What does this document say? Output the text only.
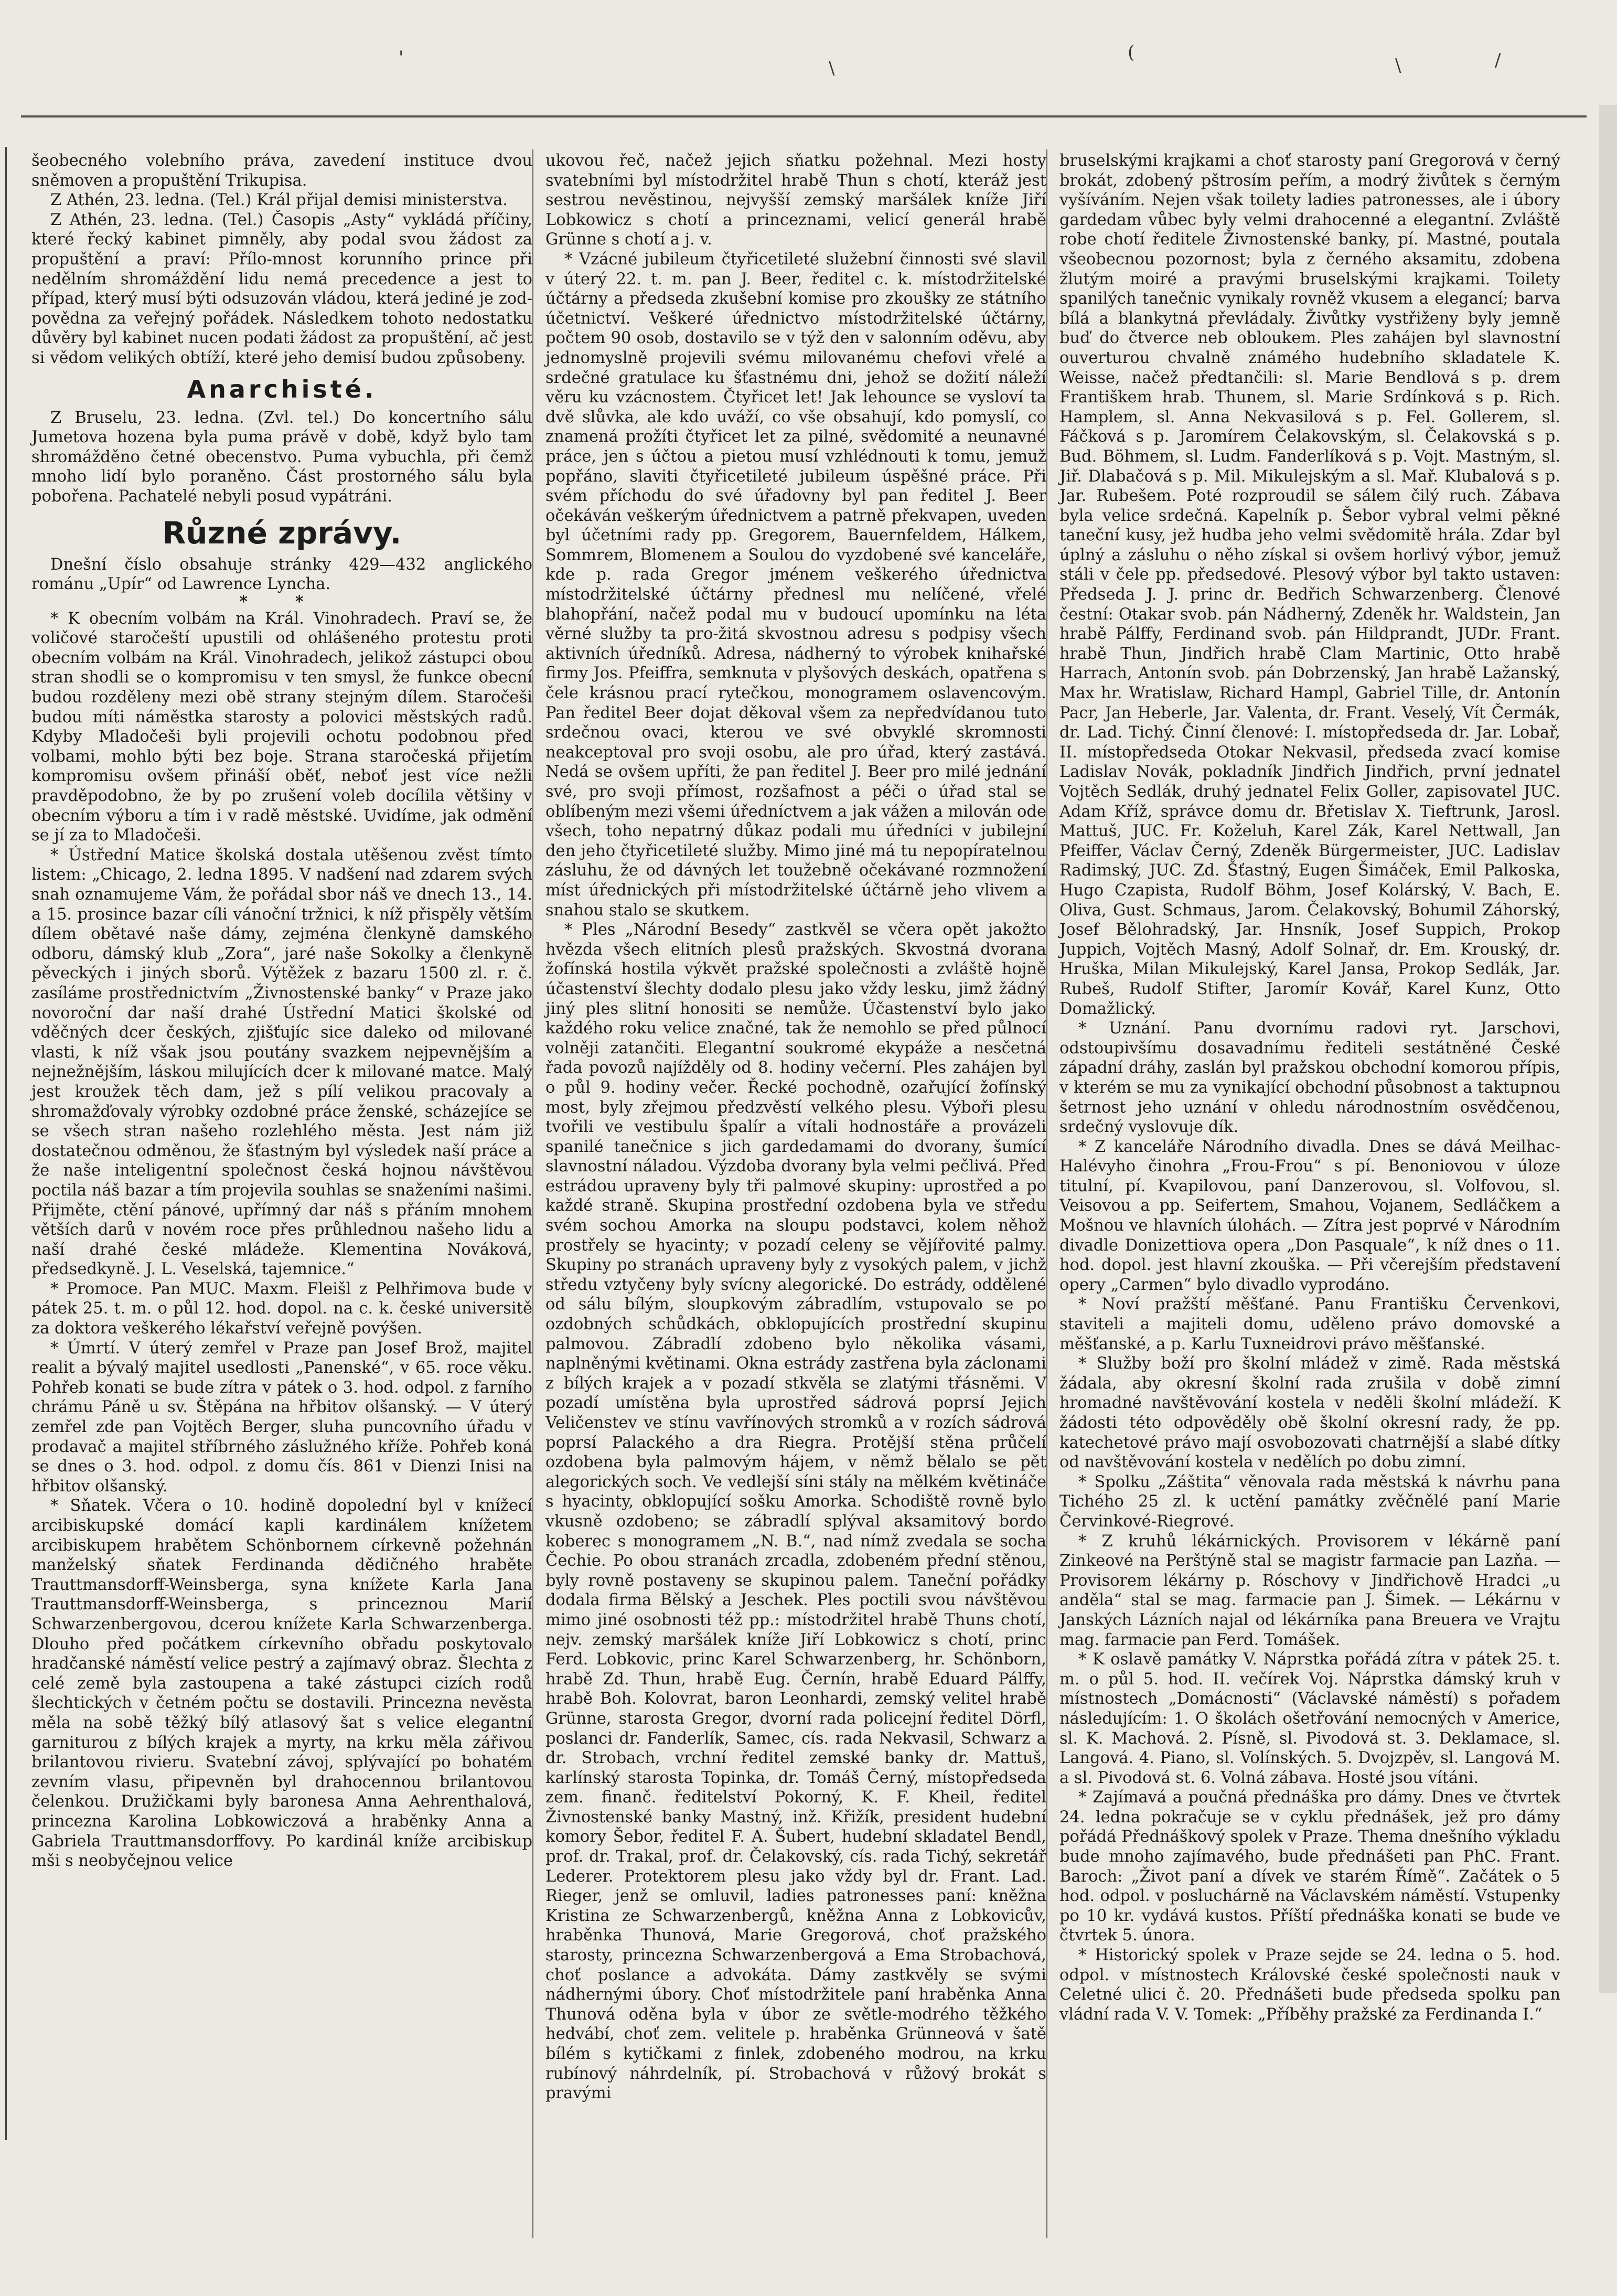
'	\
(
\	/

šeobecného volebního práva, zavedení instituce dvou sněmoven a propuštění Trikupisa.

Z Athén, 23. ledna. (Tel.) Král přijal demisi ministerstva.

Z Athén, 23. ledna. (Tel.) Časopis „Asty“ vykládá příčiny, které řecký kabinet pimněly, aby podal svou žádost za propuštění a praví: Přílo-mnost korunního prince při nedělním shromáždění lidu nemá precedence a jest to případ, který musí býti odsuzován vládou, která jediné je zod-povědna za veřejný pořádek. Následkem tohoto nedostatku důvěry byl kabinet nucen podati žádost za propuštění, ač jest si vědom velikých obtíží, které jeho demisí budou způsobeny.

Anarchisté.

Z Bruselu, 23. ledna. (Zvl. tel.) Do koncertního sálu Jumetova hozena byla puma právě v době, když bylo tam shromážděno četné obecenstvo. Puma vybuchla, při čemž mnoho lidí bylo poraněno. Část prostorného sálu byla pobořena. Pachatelé nebyli posud vypátráni.

Různé zprávy.

Dnešní číslo obsahuje stránky 429—432 anglického románu „Upír“ od Lawrence Lyncha.

* *

* K obecním volbám na Král. Vinohradech. Praví se, že voličové staročeští upustili od ohlášeného protestu proti obecním volbám na Král. Vinohradech, jelikož zástupci obou stran shodli se o kompromisu v ten smysl, že funkce obecní budou rozděleny mezi obě strany stejným dílem. Staročeši budou míti náměstka starosty a polovici městských radů. Kdyby Mladočeši byli projevili ochotu podobnou před volbami, mohlo býti bez boje. Strana staročeská přijetím kompromisu ovšem přináší oběť, neboť jest více nežli pravděpodobno, že by po zrušení voleb docílila většiny v obecním výboru a tím i v radě městské. Uvidíme, jak odmění se jí za to Mladočeši.

* Ústřední Matice školská dostala utěšenou zvěst tímto listem: „Chicago, 2. ledna 1895. V nadšení nad zdarem svých snah oznamujeme Vám, že pořádal sbor náš ve dnech 13., 14. a 15. prosince bazar cíli vánoční tržnici, k níž přispěly větším dílem obětavé naše dámy, zejména členkyně damského odboru, dámský klub „Zora“, jaré naše Sokolky a členkyně pěveckých i jiných sborů. Výtěžek z bazaru 1500 zl. r. č. zasíláme prostřednictvím „Živnostenské banky“ v Praze jako novoroční dar naší drahé Ústřední Matici školské od vděčných dcer českých, zjišťujíc sice daleko od milované vlasti, k níž však jsou poutány svazkem nejpevnějším a nejnežnějším, láskou milujících dcer k milované matce. Malý jest kroužek těch dam, jež s pílí velikou pracovaly a shromažďovaly výrobky ozdobné práce ženské, scházejíce se se všech stran našeho rozlehlého města. Jest nám již dostatečnou odměnou, že šťastným byl výsledek naší práce a že naše inteligentní společnost česká hojnou návštěvou poctila náš bazar a tím projevila souhlas se snaženími našimi. Přijměte, ctění pánové, upřímný dar náš s přáním mnohem větších darů v novém roce přes průhlednou našeho lidu a naší drahé české mládeže. Klementina Nováková, předsedkyně. J. L. Veselská, tajemnice.“

* Promoce. Pan MUC. Maxm. Fleišl z Pelhřimova bude v pátek 25. t. m. o půl 12. hod. dopol. na c. k. české universitě za doktora veškerého lékařství veřejně povýšen.

* Úmrtí. V úterý zemřel v Praze pan Josef Brož, majitel realit a bývalý majitel usedlosti „Panenské“, v 65. roce věku. Pohřeb konati se bude zítra v pátek o 3. hod. odpol. z farního chrámu Páně u sv. Štěpána na hřbitov olšanský. — V úterý zemřel zde pan Vojtěch Berger, sluha puncovního úřadu v prodavač a majitel stříbrného záslužného kříže. Pohřeb koná se dnes o 3. hod. odpol. z domu čís. 861 v Dienzi Inisi na hřbitov olšanský.

* Sňatek. Včera o 10. hodině dopolední byl v knížecí arcibiskupské domácí kapli kardinálem knížetem arcibiskupem hrabětem Schönbornem církevně požehnán manželský sňatek Ferdinanda dědičného hraběte Trauttmansdorff-Weinsberga, syna knížete Karla Jana Trauttmansdorff-Weinsberga, s princeznou Marií Schwarzenbergovou, dcerou knížete Karla Schwarzenberga. Dlouho před počátkem církevního obřadu poskytovalo hradčanské náměstí velice pestrý a zajímavý obraz. Šlechta z celé země byla zastoupena a také zástupci cizích rodů šlechtických v četném počtu se dostavili. Princezna nevěsta měla na sobě těžký bílý atlasový šat s velice elegantní garniturou z bílých krajek a myrty, na krku měla zářivou brilantovou rivieru. Svatební závoj, splývající po bohatém zevním vlasu, připevněn byl drahocennou brilantovou čelenkou. Družičkami byly baronesa Anna Aehrenthalová, princezna Karolina Lobkowiczová a hraběnky Anna a Gabriela Trauttmansdorffovy. Po kardinál kníže arcibiskup mši s neobyčejnou velice

ukovou řeč, načež jejich sňatku požehnal. Mezi hosty svatebními byl místodržitel hrabě Thun s chotí, kteráž jest sestrou nevěstinou, nejvyšší zemský maršálek kníže Jiří Lobkowicz s chotí a princeznami, velicí generál hrabě Grünne s chotí a j. v.

* Vzácné jubileum čtyřicetileté služební činnosti své slavil v úterý 22. t. m. pan J. Beer, ředitel c. k. místodržitelské účtárny a předseda zkušební komise pro zkoušky ze státního účetnictví. Veškeré úřednictvo místodržitelské účtárny, počtem 90 osob, dostavilo se v týž den v salonním oděvu, aby jednomyslně projevili svému milovanému chefovi vřelé a srdečné gratulace ku šťastnému dni, jehož se dožití náleží věru ku vzácnostem. Čtyřicet let! Jak lehounce se vysloví ta dvě slůvka, ale kdo uváží, co vše obsahují, kdo pomyslí, co znamená prožíti čtyřicet let za pilné, svědomité a neunavné práce, jen s účtou a pietou musí vzhlédnouti k tomu, jemuž popřáno, slaviti čtyřicetileté jubileum úspěšné práce. Při svém příchodu do své úřadovny byl pan ředitel J. Beer očekáván veškerým úřednictvem a patrně překvapen, uveden byl účetními rady pp. Gregorem, Bauernfeldem, Hálkem, Sommrem, Blomenem a Soulou do vyzdobené své kanceláře, kde p. rada Gregor jménem veškerého úřednictva místodržitelské účtárny přednesl mu nelíčené, vřelé blahopřání, načež podal mu v budoucí upomínku na léta věrné služby ta pro-žitá skvostnou adresu s podpisy všech aktivních úředníků. Adresa, nádherný to výrobek knihařské firmy Jos. Pfeiffra, semknuta v plyšových deskách, opatřena s čele krásnou prací rytečkou, monogramem oslavencovým. Pan ředitel Beer dojat děkoval všem za nepředvídanou tuto srdečnou ovaci, kterou ve své obvyklé skromnosti neakceptoval pro svoji osobu, ale pro úřad, který zastává. Nedá se ovšem upříti, že pan ředitel J. Beer pro milé jednání své, pro svoji přímost, rozšafnost a péči o úřad stal se oblíbeným mezi všemi úředníctvem a jak vážen a milován ode všech, toho nepatrný důkaz podali mu úředníci v jubilejní den jeho čtyřicetileté služby. Mimo jiné má tu nepopíratelnou zásluhu, že od dávných let toužebně očekávané rozmnožení míst úřednických při místodržitelské účtárně jeho vlivem a snahou stalo se skutkem.

* Ples „Národní Besedy“ zastkvěl se včera opět jakožto hvězda všech elitních plesů pražských. Skvostná dvorana žofínská hostila výkvět pražské společnosti a zvláště hojně účastenství šlechty dodalo plesu jako vždy lesku, jimž žádný jiný ples slitní honositi se nemůže. Účastenství bylo jako každého roku velice značné, tak že nemohlo se před půlnocí volněji zatančiti. Elegantní soukromé ekypáže a nesčetná řada povozů najížděly od 8. hodiny večerní. Ples zahájen byl o půl 9. hodiny večer. Řecké pochodně, ozařující žofínský most, byly zřejmou předzvěstí velkého plesu. Výboři plesu tvořili ve vestibulu špalír a vítali hodnostáře a provázeli spanilé tanečnice s jich gardedamami do dvorany, šumící slavnostní náladou. Výzdoba dvorany byla velmi pečlivá. Před estrádou upraveny byly tři palmové skupiny: uprostřed a po každé straně. Skupina prostřední ozdobena byla ve středu svém sochou Amorka na sloupu podstavci, kolem něhož prostřely se hyacinty; v pozadí celeny se vějířovité palmy. Skupiny po stranách upraveny byly z vysokých palem, v jichž středu vztyčeny byly svícny alegorické. Do estrády, oddělené od sálu bílým, sloupkovým zábradlím, vstupovalo se po ozdobných schůdkách, obklopujících prostřední skupinu palmovou. Zábradlí zdobeno bylo několika vásami, naplněnými květinami. Okna estrády zastřena byla záclonami z bílých krajek a v pozadí stkvěla se zlatými třásněmi. V pozadí umístěna byla uprostřed sádrová poprsí Jejich Veličenstev ve stínu vavřínových stromků a v rozích sádrová poprsí Palackého a dra Riegra. Protější stěna průčelí ozdobena byla palmovým hájem, v němž bělalo se pět alegorických soch. Ve vedlejší síni stály na mělkém květináče s hyacinty, obklopující sošku Amorka. Schodiště rovně bylo vkusně ozdobeno; se zábradlí splýval aksamitový bordo koberec s monogramem „N. B.“, nad nímž zvedala se socha Čechie. Po obou stranách zrcadla, zdobeném přední stěnou, byly rovně postaveny se skupinou palem. Taneční pořádky dodala firma Bělský a Jeschek. Ples poctili svou návštěvou mimo jiné osobnosti též pp.: místodržitel hrabě Thuns chotí, nejv. zemský maršálek kníže Jiří Lobkowicz s chotí, princ Ferd. Lobkovic, princ Karel Schwarzenberg, hr. Schönborn, hrabě Zd. Thun, hrabě Eug. Černín, hrabě Eduard Pálffy, hrabě Boh. Kolovrat, baron Leonhardi, zemský velitel hrabě Grünne, starosta Gregor, dvorní rada policejní ředitel Dörfl, poslanci dr. Fanderlík, Samec, cís. rada Nekvasil, Schwarz a dr. Strobach, vrchní ředitel zemské banky dr. Mattuš, karlínský starosta Topinka, dr. Tomáš Černý, místopředseda zem. finanč. ředitelství Pokorný, K. F. Kheil, ředitel Živnostenské banky Mastný, inž. Křižík, president hudební komory Šebor, ředitel F. A. Šubert, hudební skladatel Bendl, prof. dr. Trakal, prof. dr. Čelakovský, cís. rada Tichý, sekretář Lederer. Protektorem plesu jako vždy byl dr. Frant. Lad. Rieger, jenž se omluvil, ladies patronesses paní: kněžna Kristina ze Schwarzenbergů, kněžna Anna z Lobkovicův, hraběnka Thunová, Marie Gregorová, choť pražského starosty, princezna Schwarzenbergová a Ema Strobachová, choť poslance a advokáta. Dámy zastkvěly se svými nádhernými úbory. Choť místodržitele paní hraběnka Anna Thunová oděna byla v úbor ze světle-modrého těžkého hedvábí, choť zem. velitele p. hraběnka Grünneová v šatě bílém s kytičkami z finlek, zdobeného modrou, na krku rubínový náhrdelník, pí. Strobachová v růžový brokát s pravými

bruselskými krajkami a choť starosty paní Gregorová v černý brokát, zdobený pštrosím peřím, a modrý živůtek s černým vyšíváním. Nejen však toilety ladies patronesses, ale i úbory gardedam vůbec byly velmi drahocenné a elegantní. Zvláště robe chotí ředitele Živnostenské banky, pí. Mastné, poutala všeobecnou pozornost; byla z černého aksamitu, zdobena žlutým moiré a pravými bruselskými krajkami. Toilety spanilých tanečnic vynikaly rovněž vkusem a elegancí; barva bílá a blankytná převládaly. Živůtky vystřiženy byly jemně buď do čtverce neb obloukem. Ples zahájen byl slavnostní ouverturou chvalně známého hudebního skladatele K. Weisse, načež předtančili: sl. Marie Bendlová s p. drem Františkem hrab. Thunem, sl. Marie Srdínková s p. Rich. Hamplem, sl. Anna Nekvasilová s p. Fel. Gollerem, sl. Fáčková s p. Jaromírem Čelakovským, sl. Čelakovská s p. Bud. Böhmem, sl. Ludm. Fanderlíková s p. Vojt. Mastným, sl. Jiř. Dlabačová s p. Mil. Mikulejským a sl. Mař. Klubalová s p. Jar. Rubešem. Poté rozproudil se sálem čilý ruch. Zábava byla velice srdečná. Kapelník p. Šebor vybral velmi pěkné taneční kusy, jež hudba jeho velmi svědomitě hrála. Zdar byl úplný a zásluhu o něho získal si ovšem horlivý výbor, jemuž stáli v čele pp. předsedové. Plesový výbor byl takto ustaven: Předseda J. J. princ dr. Bedřich Schwarzenberg. Členové čestní: Otakar svob. pán Nádherný, Zdeněk hr. Waldstein, Jan hrabě Pálffy, Ferdinand svob. pán Hildprandt, JUDr. Frant. hrabě Thun, Jindřich hrabě Clam Martinic, Otto hrabě Harrach, Antonín svob. pán Dobrzenský, Jan hrabě Lažanský, Max hr. Wratislaw, Richard Hampl, Gabriel Tille, dr. Antonín Pacr, Jan Heberle, Jar. Valenta, dr. Frant. Veselý, Vít Čermák, dr. Lad. Tichý. Činní členové: I. místopředseda dr. Jar. Lobař, II. místopředseda Otokar Nekvasil, předseda zvací komise Ladislav Novák, pokladník Jindřich Jindřich, první jednatel Vojtěch Sedlák, druhý jednatel Felix Goller, zapisovatel JUC. Adam Kříž, správce domu dr. Břetislav X. Tieftrunk, Jarosl. Mattuš, JUC. Fr. Koželuh, Karel Zák, Karel Nettwall, Jan Pfeiffer, Václav Černý, Zdeněk Bürgermeister, JUC. Ladislav Radimský, JUC. Zd. Šťastný, Eugen Šimáček, Emil Palkoska, Hugo Czapista, Rudolf Böhm, Josef Kolárský, V. Bach, E. Oliva, Gust. Schmaus, Jarom. Čelakovský, Bohumil Záhorský, Josef Bělohradský, Jar. Hnsník, Josef Suppich, Prokop Juppich, Vojtěch Masný, Adolf Solnař, dr. Em. Krouský, dr. Hruška, Milan Mikulejský, Karel Jansa, Prokop Sedlák, Jar. Rubeš, Rudolf Stifter, Jaromír Kovář, Karel Kunz, Otto Domažlický.

* Uznání. Panu dvornímu radovi ryt. Jarschovi, odstoupivšímu dosavadnímu řediteli sestátněné České západní dráhy, zaslán byl pražskou obchodní komorou přípis, v kterém se mu za vynikající obchodní působnost a taktupnou šetrnost jeho uznání v ohledu národnostním osvědčenou, srdečný vyslovuje dík.

* Z kanceláře Národního divadla. Dnes se dává Meilhac-Halévyho činohra „Frou-Frou“ s pí. Benoniovou v úloze titulní, pí. Kvapilovou, paní Danzerovou, sl. Volfovou, sl. Veisovou a pp. Seifertem, Smahou, Vojanem, Sedláčkem a Mošnou ve hlavních úlohách. — Zítra jest poprvé v Národním divadle Donizettiova opera „Don Pasquale“, k níž dnes o 11. hod. dopol. jest hlavní zkouška. — Při včerejším představení opery „Carmen“ bylo divadlo vyprodáno.

* Noví pražští měšťané. Panu Františku Červenkovi, staviteli a majiteli domu, uděleno právo domovské a měšťanské, a p. Karlu Tuxneidrovi právo měšťanské.

* Služby boží pro školní mládež v zimě. Rada městská žádala, aby okresní školní rada zrušila v době zimní hromadné navštěvování kostela v neděli školní mládeží. K žádosti této odpověděly obě školní okresní rady, že pp. katechetové právo mají osvobozovati chatrnější a slabé dítky od navštěvování kostela v nedělích po dobu zimní.

* Spolku „Záštita“ věnovala rada městská k návrhu pana Tichého 25 zl. k uctění památky zvěčnělé paní Marie Červinkové-Riegrové.

* Z kruhů lékárnických. Provisorem v lékárně paní Zinkeové na Perštýně stal se magistr farmacie pan Lazňa. — Provisorem lékárny p. Róschovy v Jindřichově Hradci „u anděla“ stal se mag. farmacie pan J. Šimek. — Lékárnu v Janských Lázních najal od lékárníka pana Breuera ve Vrajtu mag. farmacie pan Ferd. Tomášek.

* K oslavě památky V. Náprstka pořádá zítra v pátek 25. t. m. o půl 5. hod. II. večírek Voj. Náprstka dámský kruh v místnostech „Domácnosti“ (Václavské náměstí) s pořadem následujícím: 1. O školách ošetřování nemocných v Americe, sl. K. Machová. 2. Písně, sl. Pivodová st. 3. Deklamace, sl. Langová. 4. Piano, sl. Volínských. 5. Dvojzpěv, sl. Langová M. a sl. Pivodová st. 6. Volná zábava. Hosté jsou vítáni.

* Zajímavá a poučná přednáška pro dámy. Dnes ve čtvrtek 24. ledna pokračuje se v cyklu přednášek, jež pro dámy pořádá Přednáškový spolek v Praze. Thema dnešního výkladu bude mnoho zajímavého, bude přednášeti pan PhC. Frant. Baroch: „Život paní a dívek ve starém Římě“. Začátek o 5 hod. odpol. v posluchárně na Václavském náměstí. Vstupenky po 10 kr. vydává kustos. Příští přednáška konati se bude ve čtvrtek 5. února.

* Historický spolek v Praze sejde se 24. ledna o 5. hod. odpol. v místnostech Královské české společnosti nauk v Celetné ulici č. 20. Přednášeti bude předseda spolku pan vládní rada V. V. Tomek: „Příběhy pražské za Ferdinanda I.“
